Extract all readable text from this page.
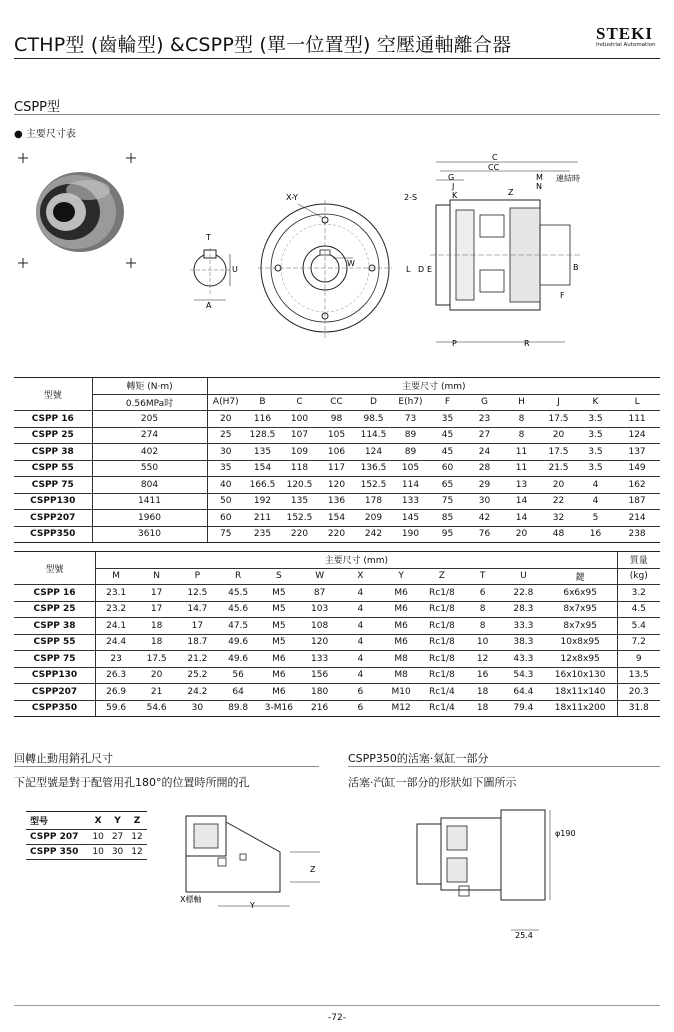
CTHP型 (齒輪型) &CSPP型 (單一位置型) 空壓通軸離合器
STEKI
Industrial Automation
CSPP型
● 主要尺寸表
T
U
A
X-Y
W
C
CC
G
J
K
M
N
連結時
Z
2-S
L D E	B
F
P	R
型號	轉矩 (N·m)	主要尺寸 (mm)											
	0.56MPa时	A(H7)	B	C	CC	D	E(h7)	F	G	H	J	K	L
CSPP 16	205	20	116	100	98	98.5	73	35	23	8	17.5	3.5	111
CSPP 25	274	25	128.5	107	105	114.5	89	45	27	8	20	3.5	124
CSPP 38	402	30	135	109	106	124	89	45	24	11	17.5	3.5	137
CSPP 55	550	35	154	118	117	136.5	105	60	28	11	21.5	3.5	149
CSPP 75	804	40	166.5	120.5	120	152.5	114	65	29	13	20	4	162
CSPP130	1411	50	192	135	136	178	133	75	30	14	22	4	187
CSPP207	1960	60	211	152.5	154	209	145	85	42	14	32	5	214
CSPP350	3610	75	235	220	220	242	190	95	76	20	48	16	238
型號	主要尺寸 (mm)												質量
	M	N	P	R	S	W	X	Y	Z	T	U	鍵	(kg)
CSPP 16	23.1	17	12.5	45.5	M5	87	4	M6	Rc1/8	6	22.8	6x6x95	3.2
CSPP 25	23.2	17	14.7	45.6	M5	103	4	M6	Rc1/8	8	28.3	8x7x95	4.5
CSPP 38	24.1	18	17	47.5	M5	108	4	M6	Rc1/8	8	33.3	8x7x95	5.4
CSPP 55	24.4	18	18.7	49.6	M5	120	4	M6	Rc1/8	10	38.3	10x8x95	7.2
CSPP 75	23	17.5	21.2	49.6	M6	133	4	M8	Rc1/8	12	43.3	12x8x95	9
CSPP130	26.3	20	25.2	56	M6	156	4	M8	Rc1/8	16	54.3	16x10x130	13.5
CSPP207	26.9	21	24.2	64	M6	180	6	M10	Rc1/4	18	64.4	18x11x140	20.3
CSPP350	59.6	54.6	30	89.8	3-M16	216	6	M12	Rc1/4	18	79.4	18x11x200	31.8
回轉止動用銷孔尺寸
下記型號是對于配管用孔180°的位置時所開的孔
型号	X	Y	Z
CSPP 207	10	27	12
CSPP 350	10	30	12
Z
Y
X標軸
CSPP350的活塞·氣缸一部分
活塞·汽缸一部分的形狀如下圖所示
φ190
25.4
-72-
